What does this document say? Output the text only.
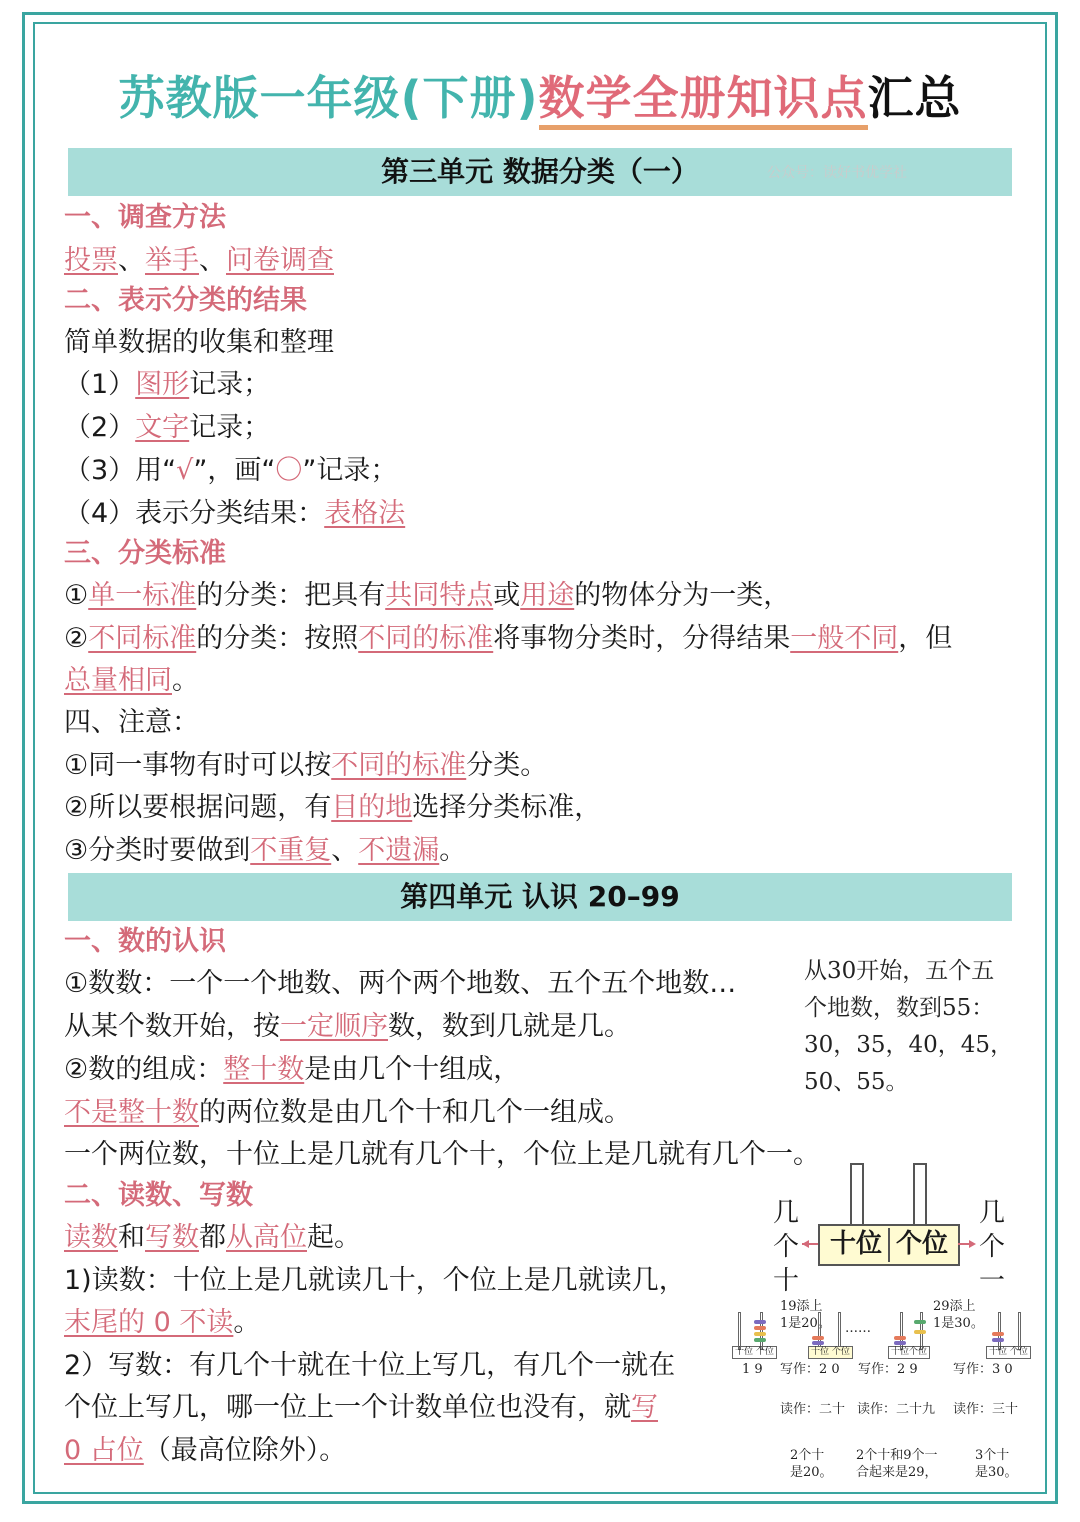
苏教版一年级(下册)数学全册知识点汇总
第三单元 数据分类（一）	公众号：读好书优学社
一、调查方法
投票、举手、问卷调查
二、表示分类的结果
简单数据的收集和整理
（1）图形记录；
（2）文字记录；
（3）用“√”，画“〇”记录；
（4）表示分类结果：表格法
三、分类标准
①单一标准的分类：把具有共同特点或用途的物体分为一类，
②不同标准的分类：按照不同的标准将事物分类时，分得结果一般不同，但
总量相同。
四、注意：
①同一事物有时可以按不同的标准分类。
②所以要根据问题，有目的地选择分类标准，
③分类时要做到不重复、不遗漏。
第四单元 认识 20–99
一、数的认识
①数数：一个一个地数、两个两个地数、五个五个地数…
从某个数开始，按一定顺序数，数到几就是几。
②数的组成：整十数是由几个十组成，
不是整十数的两位数是由几个十和几个一组成。
一个两位数，十位上是几就有几个十，个位上是几就有几个一。
从30开始，五个五
个地数，数到55：
30，35，40，45，
50、55。
二、读数、写数
读数和写数都从高位起。
1)读数：十位上是几就读几十，个位上是几就读几，
末尾的 0 不读。
2）写数：有几个十就在十位上写几，有几个一就在
个位上写几，哪一位上一个计数单位也没有，就写
0 占位（最高位除外）。
十位 个位
几
个
十
几
个
一
19添上
1是20。 ……
29添上
1是30。
十位 个位	十位 个位	十位个位	十位 个位
1 9 写作：2 0 写作：2 9	写作：3 0
读作：二十 读作：二十九 读作：三十
2个十
是20。
2个十和9个一
合起来是29，
3个十
是30。
